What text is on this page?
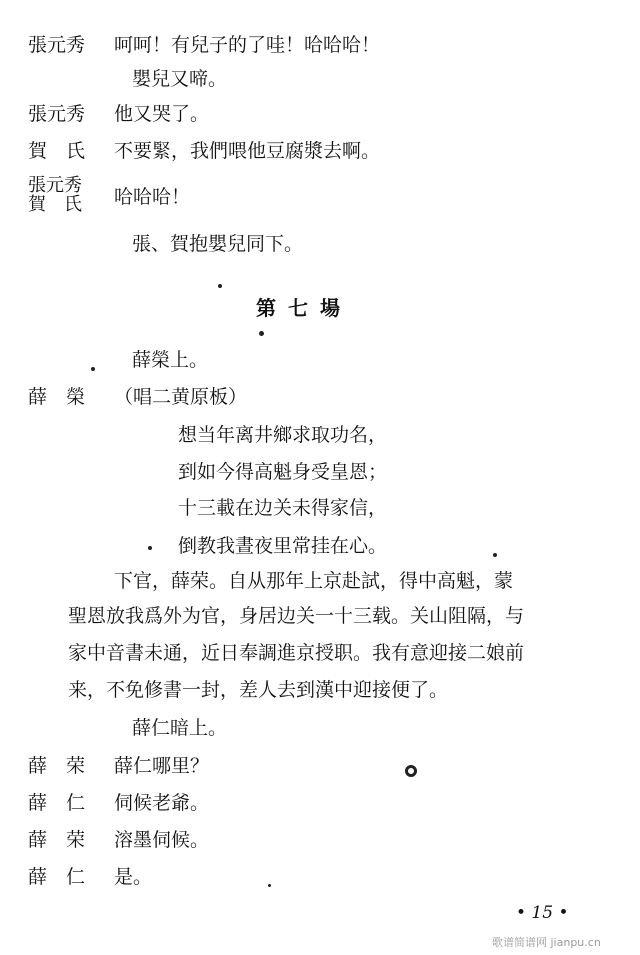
張元秀 呵呵！有兒子的了哇！哈哈哈！
嬰兒又啼。
張元秀 他又哭了。
賀　氏 不要緊，我們喂他豆腐漿去啊。
張元秀
賀　氏 哈哈哈！
張、賀抱嬰兒同下。
第七場
薛榮上。
薛　榮 （唱二黄原板）
想当年离井鄉求取功名，
到如今得高魁身受皇恩；
十三載在边关未得家信，
倒教我晝夜里常挂在心。
下官，薛荣。自从那年上京赴試，得中高魁，蒙
聖恩放我爲外为官，身居边关一十三载。关山阻隔，与
家中音書未通，近日奉調進京授职。我有意迎接二娘前
来，不免修書一封，差人去到漢中迎接便了。
薛仁暗上。
薛　荣 薛仁哪里？
薛　仁 伺候老爺。
薛　荣 溶墨伺候。
薛　仁 是。
• 15 •
歌谱简谱网 jianpu.cn
